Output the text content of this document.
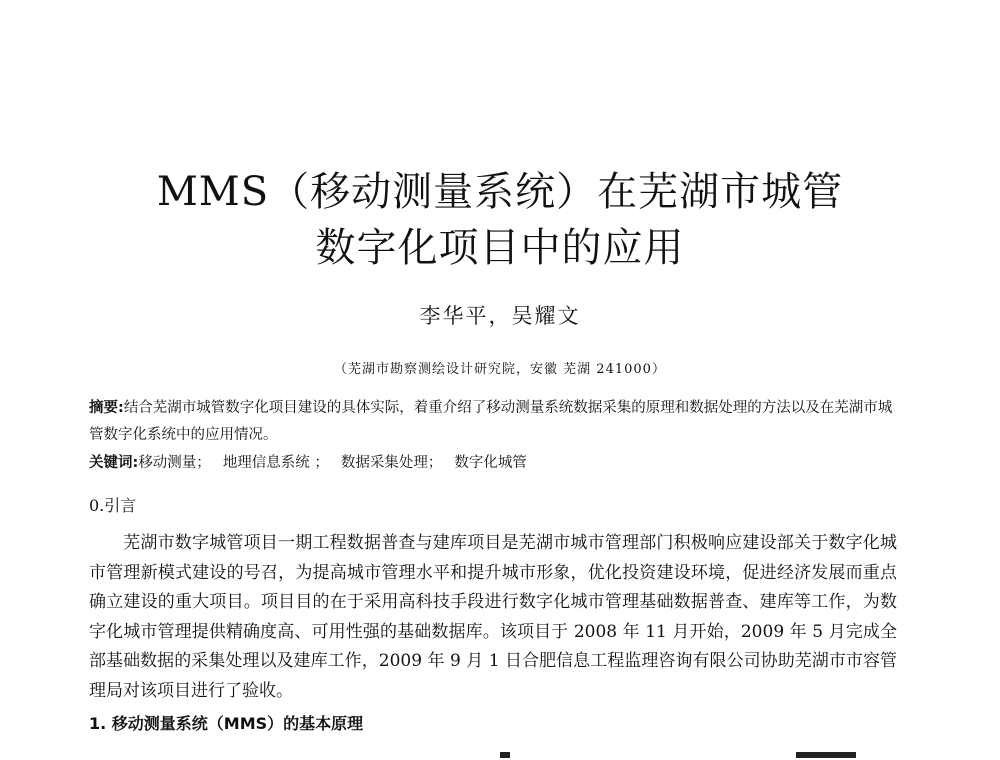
MMS（移动测量系统）在芜湖市城管
数字化项目中的应用
李华平，吴耀文
（芜湖市勘察测绘设计研究院，安徽 芜湖 241000）
摘要:结合芜湖市城管数字化项目建设的具体实际，着重介绍了移动测量系统数据采集的原理和数据处理的方法以及在芜湖市城管数字化系统中的应用情况。
关键词:移动测量； 地理信息系统 ； 数据采集处理； 数字化城管
0.引言
芜湖市数字城管项目一期工程数据普查与建库项目是芜湖市城市管理部门积极响应建设部关于数字化城市管理新模式建设的号召，为提高城市管理水平和提升城市形象，优化投资建设环境，促进经济发展而重点确立建设的重大项目。项目目的在于采用高科技手段进行数字化城市管理基础数据普查、建库等工作，为数字化城市管理提供精确度高、可用性强的基础数据库。该项目于 2008 年 11 月开始，2009 年 5 月完成全部基础数据的采集处理以及建库工作，2009 年 9 月 1 日合肥信息工程监理咨询有限公司协助芜湖市市容管理局对该项目进行了验收。
1. 移动测量系统（MMS）的基本原理
